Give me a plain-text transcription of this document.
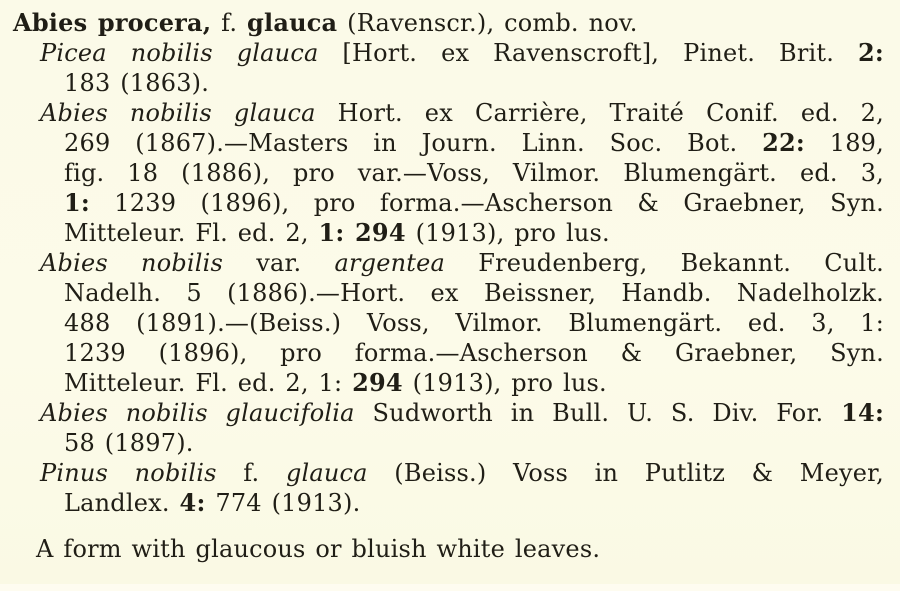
Abies procera, f. glauca (Ravenscr.), comb. nov.
Picea nobilis glauca [Hort. ex Ravenscroft], Pinet. Brit. 2:
183 (1863).
Abies nobilis glauca Hort. ex Carrière, Traité Conif. ed. 2,
269 (1867).—Masters in Journ. Linn. Soc. Bot. 22: 189,
fig. 18 (1886), pro var.—Voss, Vilmor. Blumengärt. ed. 3,
1: 1239 (1896), pro forma.—Ascherson & Graebner, Syn.
Mitteleur. Fl. ed. 2, 1: 294 (1913), pro lus.
Abies nobilis var. argentea Freudenberg, Bekannt. Cult.
Nadelh. 5 (1886).—Hort. ex Beissner, Handb. Nadelholzk.
488 (1891).—(Beiss.) Voss, Vilmor. Blumengärt. ed. 3, 1:
1239 (1896), pro forma.—Ascherson & Graebner, Syn.
Mitteleur. Fl. ed. 2, 1: 294 (1913), pro lus.
Abies nobilis glaucifolia Sudworth in Bull. U. S. Div. For. 14:
58 (1897).
Pinus nobilis f. glauca (Beiss.) Voss in Putlitz & Meyer,
Landlex. 4: 774 (1913).
A form with glaucous or bluish white leaves.
